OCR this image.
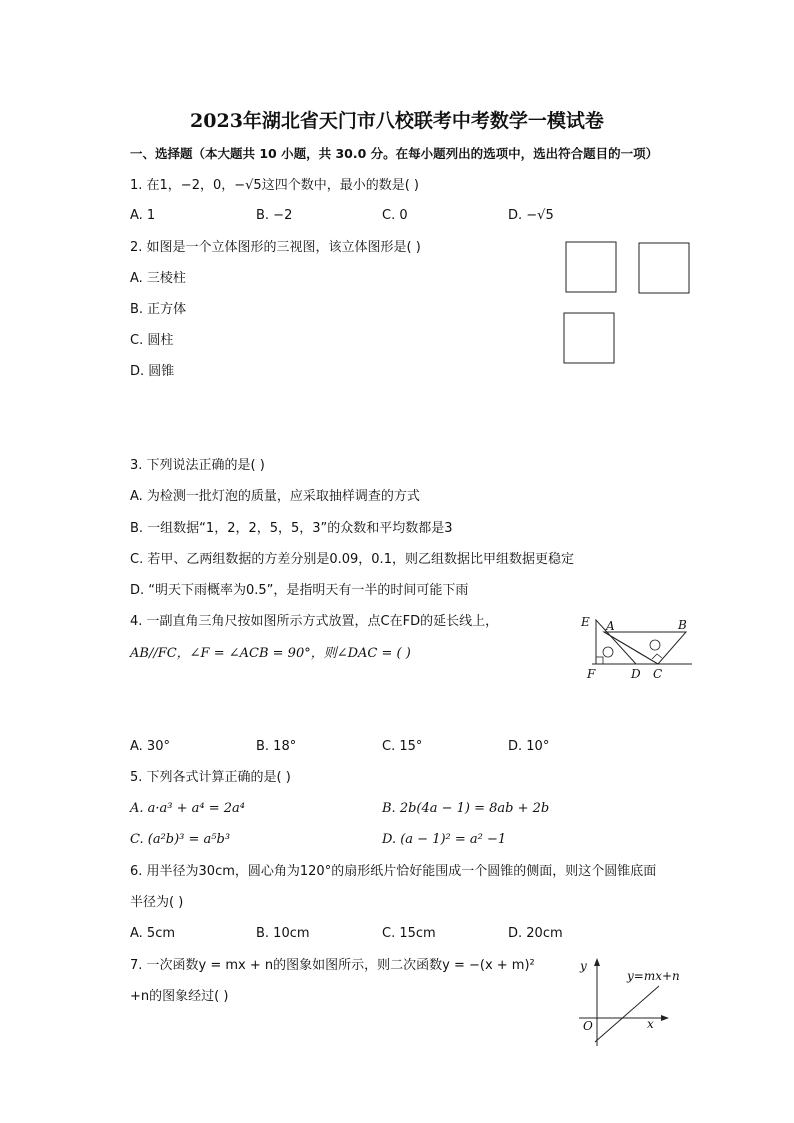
2023年湖北省天门市八校联考中考数学一模试卷
一、选择题（本大题共 10 小题，共 30.0 分。在每小题列出的选项中，选出符合题目的一项）
1. 在1，−2，0，−√5这四个数中，最小的数是( )
A. 1	B. −2	C. 0	D. −√5
2. 如图是一个立体图形的三视图，该立体图形是( )
A. 三棱柱
B. 正方体
C. 圆柱
D. 圆锥
3. 下列说法正确的是( )
A. 为检测一批灯泡的质量，应采取抽样调查的方式
B. 一组数据“1，2，2，5，5，3”的众数和平均数都是3
C. 若甲、乙两组数据的方差分别是0.09，0.1，则乙组数据比甲组数据更稳定
D. “明天下雨概率为0.5”，是指明天有一半的时间可能下雨
4. 一副直角三角尺按如图所示方式放置，点C在FD的延长线上，
AB//FC，∠F = ∠ACB = 90°，则∠DAC = ( )
E A	B
F	D C
A. 30°	B. 18°	C. 15°	D. 10°
5. 下列各式计算正确的是( )
A. a·a³ + a⁴ = 2a⁴	B. 2b(4a − 1) = 8ab + 2b
C. (a²b)³ = a⁵b³	D. (a − 1)² = a² −1
6. 用半径为30cm，圆心角为120°的扇形纸片恰好能围成一个圆锥的侧面，则这个圆锥底面
半径为( )
A. 5cm	B. 10cm	C. 15cm	D. 20cm
7. 一次函数y = mx + n的图象如图所示，则二次函数y = −(x + m)²
+n的图象经过( )
y
x
O
y=mx+n
